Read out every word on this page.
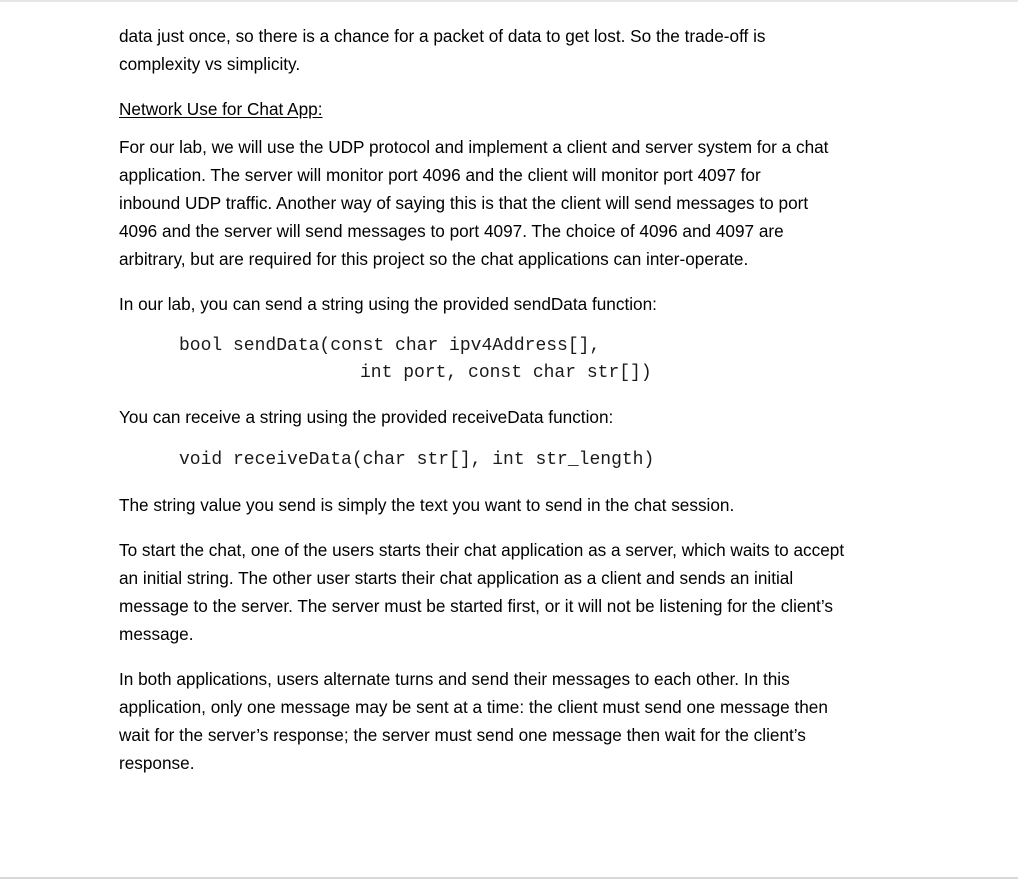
data just once, so there is a chance for a packet of data to get lost. So the trade-off is
complexity vs simplicity.
Network Use for Chat App:
For our lab, we will use the UDP protocol and implement a client and server system for a chat
application. The server will monitor port 4096 and the client will monitor port 4097 for
inbound UDP traffic. Another way of saying this is that the client will send messages to port
4096 and the server will send messages to port 4097. The choice of 4096 and 4097 are
arbitrary, but are required for this project so the chat applications can inter-operate.
In our lab, you can send a string using the provided sendData function:
bool sendData(const char ipv4Address[],
int port, const char str[])
You can receive a string using the provided receiveData function:
void receiveData(char str[], int str_length)
The string value you send is simply the text you want to send in the chat session.
To start the chat, one of the users starts their chat application as a server, which waits to accept
an initial string. The other user starts their chat application as a client and sends an initial
message to the server. The server must be started first, or it will not be listening for the client’s
message.
In both applications, users alternate turns and send their messages to each other. In this
application, only one message may be sent at a time: the client must send one message then
wait for the server’s response; the server must send one message then wait for the client’s
response.
